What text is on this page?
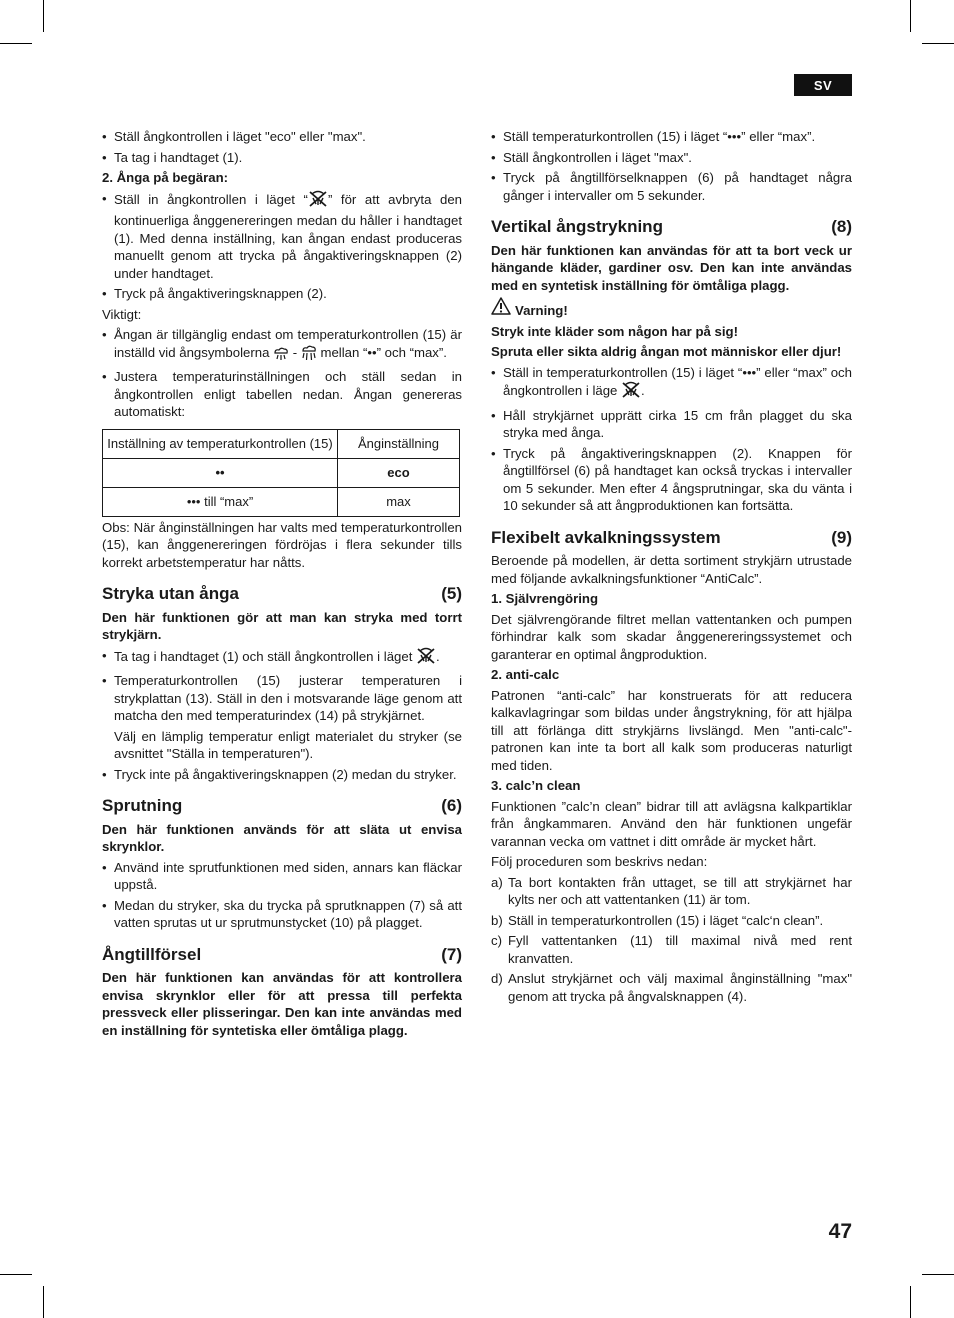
SV
• Ställ ångkontrollen i läget "eco" eller "max".
• Ta tag i handtaget (1).
2. Ånga på begäran:
• Ställ in ångkontrollen i läget “ ” för att avbryta den kontinuerliga ånggenereringen medan du håller i handtaget (1). Med denna inställning, kan ångan endast produceras manuellt genom att trycka på ångaktiveringsknappen (2) under handtaget.
• Tryck på ångaktiveringsknappen (2).

Viktigt:

• Ångan är tillgänglig endast om temperaturkontrollen (15) är inställd vid ångsymbolerna  -  mellan “••” och “max”.
• Justera temperaturinställningen och ställ sedan in ångkontrollen enligt tabellen nedan. Ångan genereras automatiskt:
Inställning av temperaturkontrollen (15)	Ånginställning
••	eco
••• till “max”	max

Obs: När ånginställningen har valts med temperaturkontrollen (15), kan ånggenereringen fördröjas i flera sekunder tills korrekt arbetstemperatur har nåtts.

Stryka utan ånga	(5)

Den här funktionen gör att man kan stryka med torrt strykjärn.

• Ta tag i handtaget (1) och ställ ångkontrollen i läget .
• Temperaturkontrollen (15) justerar temperaturen i strykplattan (13). Ställ in den i motsvarande läge genom att matcha den med temperaturindex (14) på strykjärnet.
Välj en lämplig temperatur enligt materialet du stryker (se avsnittet "Ställa in temperaturen").
• Tryck inte på ångaktiveringsknappen (2) medan du stryker.
Sprutning	(6)

Den här funktionen används för att släta ut envisa skrynklor.

• Använd inte sprutfunktionen med siden, annars kan fläckar uppstå.
• Medan du stryker, ska du trycka på sprutknappen (7) så att vatten sprutas ut ur sprutmunstycket (10) på plagget.
Ångtillförsel	(7)

Den här funktionen kan användas för att kontrollera envisa skrynklor eller för att pressa till perfekta pressveck eller plisseringar. Den kan inte användas med en inställning för syntetiska eller ömtåliga plagg.

• Ställ temperaturkontrollen (15) i läget “•••” eller “max”.
• Ställ ångkontrollen i läget "max".
• Tryck på ångtillförselknappen (6) på handtaget några gånger i intervaller om 5 sekunder.
Vertikal ångstrykning	(8)

Den här funktionen kan användas för att ta bort veck ur hängande kläder, gardiner osv. Den kan inte användas med en syntetisk inställning för ömtåliga plagg.

Varning!

Stryk inte kläder som någon har på sig!

Spruta eller sikta aldrig ångan mot människor eller djur!

• Ställ in temperaturkontrollen (15) i läget “•••” eller “max” och ångkontrollen i läge .
• Håll strykjärnet upprätt cirka 15 cm från plagget du ska stryka med ånga.
• Tryck på ångaktiveringsknappen (2). Knappen för ångtillförsel (6) på handtaget kan också tryckas i intervaller om 5 sekunder. Men efter 4 ångsprutningar, ska du vänta i 10 sekunder så att ångproduktionen kan fortsätta.
Flexibelt avkalkningssystem	(9)

Beroende på modellen, är detta sortiment strykjärn utrustade med följande avkalkningsfunktioner “AntiCalc”.

1. Självrengöring

Det självrengörande filtret mellan vattentanken och pumpen förhindrar kalk som skadar ånggenereringssystemet och garanterar en optimal ångproduktion.

2. anti-calc

Patronen “anti-calc” har konstruerats för att reducera kalkavlagringar som bildas under ångstrykning, för att hjälpa till att förlänga ditt strykjärns livslängd. Men "anti-calc"-patronen kan inte ta bort all kalk som produceras naturligt med tiden.

3. calc’n clean

Funktionen ”calc’n clean” bidrar till att avlägsna kalkpartiklar från ångkammaren. Använd den här funktionen ungefär varannan vecka om vattnet i ditt område är mycket hårt.

Följ proceduren som beskrivs nedan:

a) Ta bort kontakten från uttaget, se till att strykjärnet har kylts ner och att vattentanken (11) är tom.
b) Ställ in temperaturkontrollen (15) i läget “calc‘n clean”.
c) Fyll vattentanken (11) till maximal nivå med rent kranvatten.
d) Anslut strykjärnet och välj maximal ånginställning "max" genom att trycka på ångvalsknappen (4).
47
